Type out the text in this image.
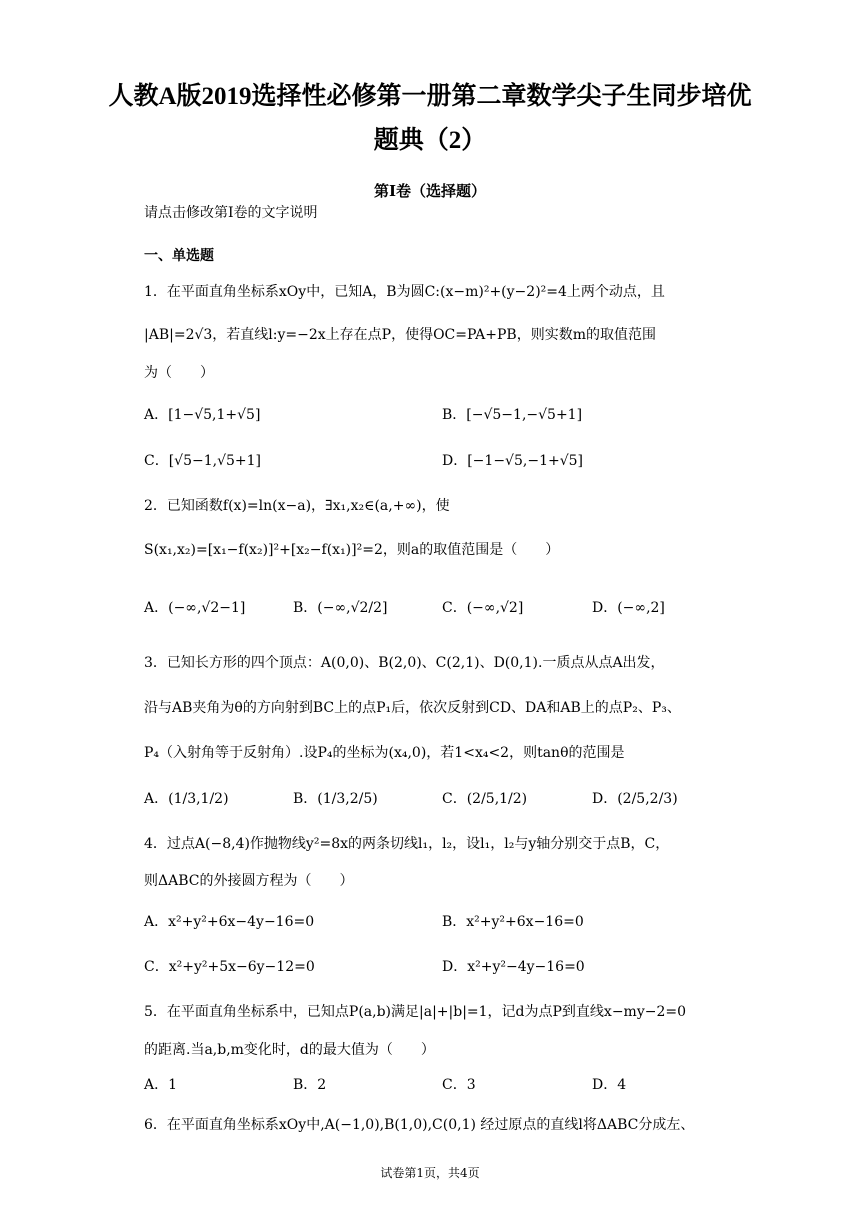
人教A版2019选择性必修第一册第二章数学尖子生同步培优
题典（2）
第I卷（选择题）
请点击修改第I卷的文字说明
一、单选题
1．在平面直角坐标系xOy中，已知A，B为圆C:(x−m)²+(y−2)²=4上两个动点，且
|AB|=2√3，若直线l:y=−2x上存在点P，使得OC=PA+PB，则实数m的取值范围
为（　　）
A．[1−√5,1+√5]	B．[−√5−1,−√5+1]
C．[√5−1,√5+1]	D．[−1−√5,−1+√5]
2．已知函数f(x)=ln(x−a)，∃x₁,x₂∈(a,+∞)，使
S(x₁,x₂)=[x₁−f(x₂)]²+[x₂−f(x₁)]²=2，则a的取值范围是（　　）
A．(−∞,√2−1]	B．(−∞,√2/2]	C．(−∞,√2]	D．(−∞,2]
3．已知长方形的四个顶点：A(0,0)、B(2,0)、C(2,1)、D(0,1).一质点从点A出发，
沿与AB夹角为θ的方向射到BC上的点P₁后，依次反射到CD、DA和AB上的点P₂、P₃、
P₄（入射角等于反射角）.设P₄的坐标为(x₄,0)，若1<x₄<2，则tanθ的范围是
A．(1/3,1/2)	B．(1/3,2/5)	C．(2/5,1/2)	D．(2/5,2/3)
4．过点A(−8,4)作抛物线y²=8x的两条切线l₁，l₂，设l₁，l₂与y轴分别交于点B，C，
则ΔABC的外接圆方程为（　　）
A．x²+y²+6x−4y−16=0	B．x²+y²+6x−16=0
C．x²+y²+5x−6y−12=0	D．x²+y²−4y−16=0
5．在平面直角坐标系中，已知点P(a,b)满足|a|+|b|=1，记d为点P到直线x−my−2=0
的距离.当a,b,m变化时，d的最大值为（　　）
A．1	B．2	C．3	D．4
6．在平面直角坐标系xOy中,A(−1,0),B(1,0),C(0,1) 经过原点的直线l将ΔABC分成左、
试卷第1页，共4页
